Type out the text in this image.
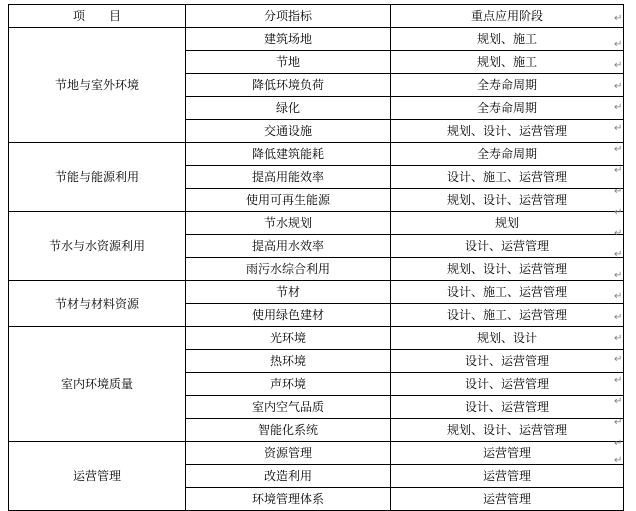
项　　目	分项指标	重点应用阶段
节地与室外环境	建筑场地	规划、施工
	节地	规划、施工
	降低环境负荷	全寿命周期
	绿化	全寿命周期
	交通设施	规划、设计、运营管理
节能与能源利用	降低建筑能耗	全寿命周期
	提高用能效率	设计、施工、运营管理
	使用可再生能源	规划、设计、运营管理
节水与水资源利用	节水规划	规划
	提高用水效率	设计、运营管理
	雨污水综合利用	规划、设计、运营管理
节材与材料资源	节材	设计、施工、运营管理
	使用绿色建材	设计、施工、运营管理
室内环境质量	光环境	规划、设计
	热环境	设计、运营管理
	声环境	设计、运营管理
	室内空气品质	设计、运营管理
	智能化系统	规划、设计、运营管理
运营管理	资源管理	运营管理
	改造利用	运营管理
	环境管理体系	运营管理
↵
↵
↵
↵
↵
↵
↵
↵
↵
↵
↵
↵
↵
↵
↵
↵
↵
↵
↵
↵
↵
↵
